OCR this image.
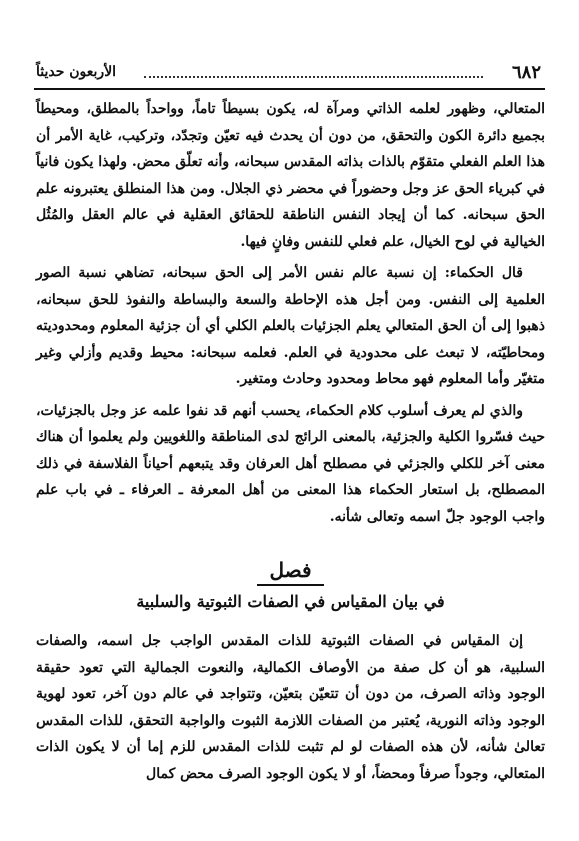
٦٨٢
الأربعون حديثاً

المتعالي، وظهور لعلمه الذاتي ومرآة له، يكون بسيطاً تاماً، وواحداً بالمطلق، ومحيطاً بجميع دائرة الكون والتحقق، من دون أن يحدث فيه تعيّن وتجدّد، وتركيب، غاية الأمر أن هذا العلم الفعلي متقوّم بالذات بذاته المقدس سبحانه، وأنه تعلّق محض. ولهذا يكون فانياً في كبرياء الحق عز وجل وحضوراً في محضر ذي الجلال. ومن هذا المنطلق يعتبرونه علم الحق سبحانه. كما أن إيجاد النفس الناطقة للحقائق العقلية في عالم العقل والمُثُل الخيالية في لوح الخيال، علم فعلي للنفس وفانٍ فيها.

قال الحكماء: إن نسبة عالم نفس الأمر إلى الحق سبحانه، تضاهي نسبة الصور العلمية إلى النفس. ومن أجل هذه الإحاطة والسعة والبساطة والنفوذ للحق سبحانه، ذهبوا إلى أن الحق المتعالي يعلم الجزئيات بالعلم الكلي أي أن جزئية المعلوم ومحدوديته ومحاطيّته، لا تبعث على محدودية في العلم. فعلمه سبحانه: محيط وقديم وأزلي وغير متغيّر وأما المعلوم فهو محاط ومحدود وحادث ومتغير.

والذي لم يعرف أسلوب كلام الحكماء، يحسب أنهم قد نفوا علمه عز وجل بالجزئيات، حيث فسّروا الكلية والجزئية، بالمعنى الرائج لدى المناطقة واللغويين ولم يعلموا أن هناك معنى آخر للكلي والجزئي في مصطلح أهل العرفان وقد يتبعهم أحياناً الفلاسفة في ذلك المصطلح، بل استعار الحكماء هذا المعنى من أهل المعرفة ـ العرفاء ـ في باب علم واجب الوجود جلّ اسمه وتعالى شأنه.

فصل
في بيان المقياس في الصفات الثبوتية والسلبية

إن المقياس في الصفات الثبوتية للذات المقدس الواجب جل اسمه، والصفات السلبية، هو أن كل صفة من الأوصاف الكمالية، والنعوت الجمالية التي تعود حقيقة الوجود وذاته الصرف، من دون أن تتعيّن بتعيّن، وتتواجد في عالم دون آخر، تعود لهوية الوجود وذاته النورية، يُعتبر من الصفات اللازمة الثبوت والواجبة التحقق، للذات المقدس تعالىٰ شأنه، لأن هذه الصفات لو لم تثبت للذات المقدس للزم إما أن لا يكون الذات المتعالي، وجوداً صرفاً ومحضاً، أو لا يكون الوجود الصرف محض كمال
